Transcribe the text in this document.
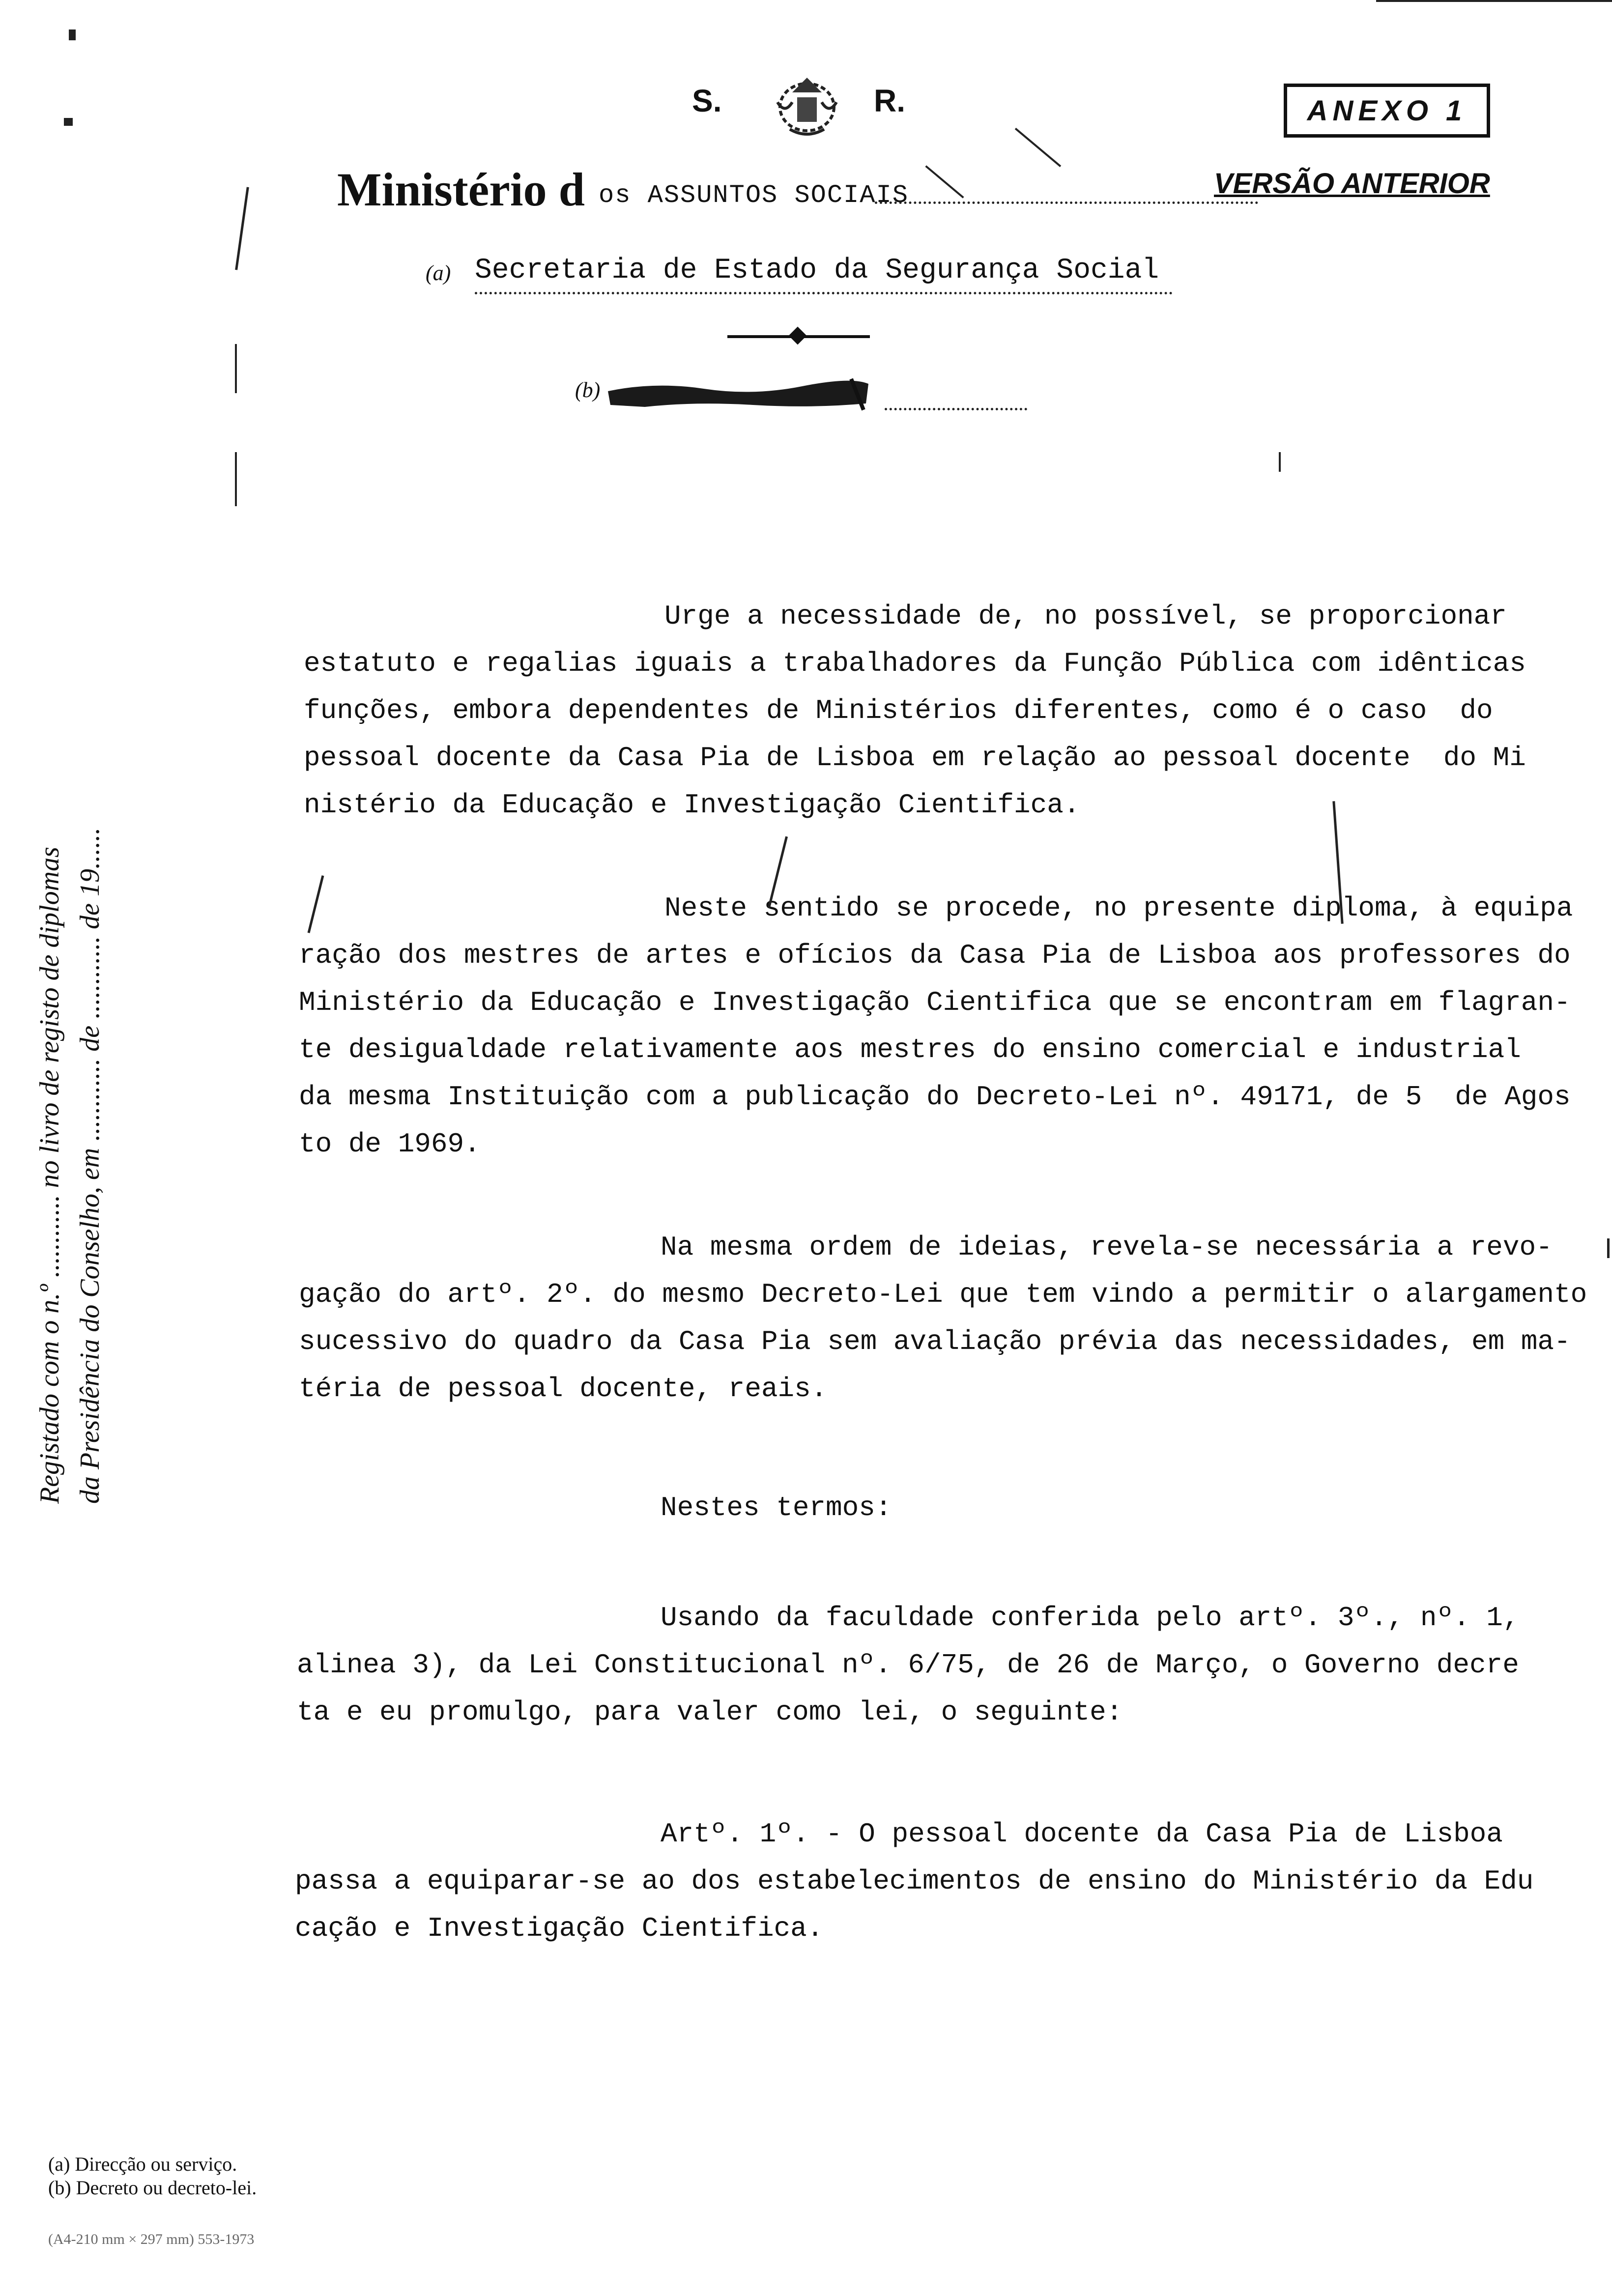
S.	R.	ANEXO 1
Ministério d os ASSUNTOS SOCIAIS	VERSÃO ANTERIOR
(a) Secretaria de Estado da Segurança Social
(b)
Registado com o n.º ............ no livro de registo de diplomas da Presidência do Conselho, em ............ de ............ de 19......
Urge a necessidade de, no possível, se proporcionar
estatuto e regalias iguais a trabalhadores da Função Pública com idênticas
funções, embora dependentes de Ministérios diferentes, como é o caso  do
pessoal docente da Casa Pia de Lisboa em relação ao pessoal docente  do Mi
nistério da Educação e Investigação Cientifica.
Neste sentido se procede, no presente diploma, à equipa
ração dos mestres de artes e ofícios da Casa Pia de Lisboa aos professores do
Ministério da Educação e Investigação Cientifica que se encontram em flagran-
te desigualdade relativamente aos mestres do ensino comercial e industrial
da mesma Instituição com a publicação do Decreto-Lei nº. 49171, de 5  de Agos
to de 1969.
Na mesma ordem de ideias, revela-se necessária a revo-
gação do artº. 2º. do mesmo Decreto-Lei que tem vindo a permitir o alargamento
sucessivo do quadro da Casa Pia sem avaliação prévia das necessidades, em ma-
téria de pessoal docente, reais.
Nestes termos:
Usando da faculdade conferida pelo artº. 3º., nº. 1,
alinea 3), da Lei Constitucional nº. 6/75, de 26 de Março, o Governo decre
ta e eu promulgo, para valer como lei, o seguinte:
Artº. 1º. - O pessoal docente da Casa Pia de Lisboa
passa a equiparar-se ao dos estabelecimentos de ensino do Ministério da Edu
cação e Investigação Cientifica.
(a) Direcção ou serviço.
(b) Decreto ou decreto-lei.
(A4-210 mm × 297 mm) 553-1973
